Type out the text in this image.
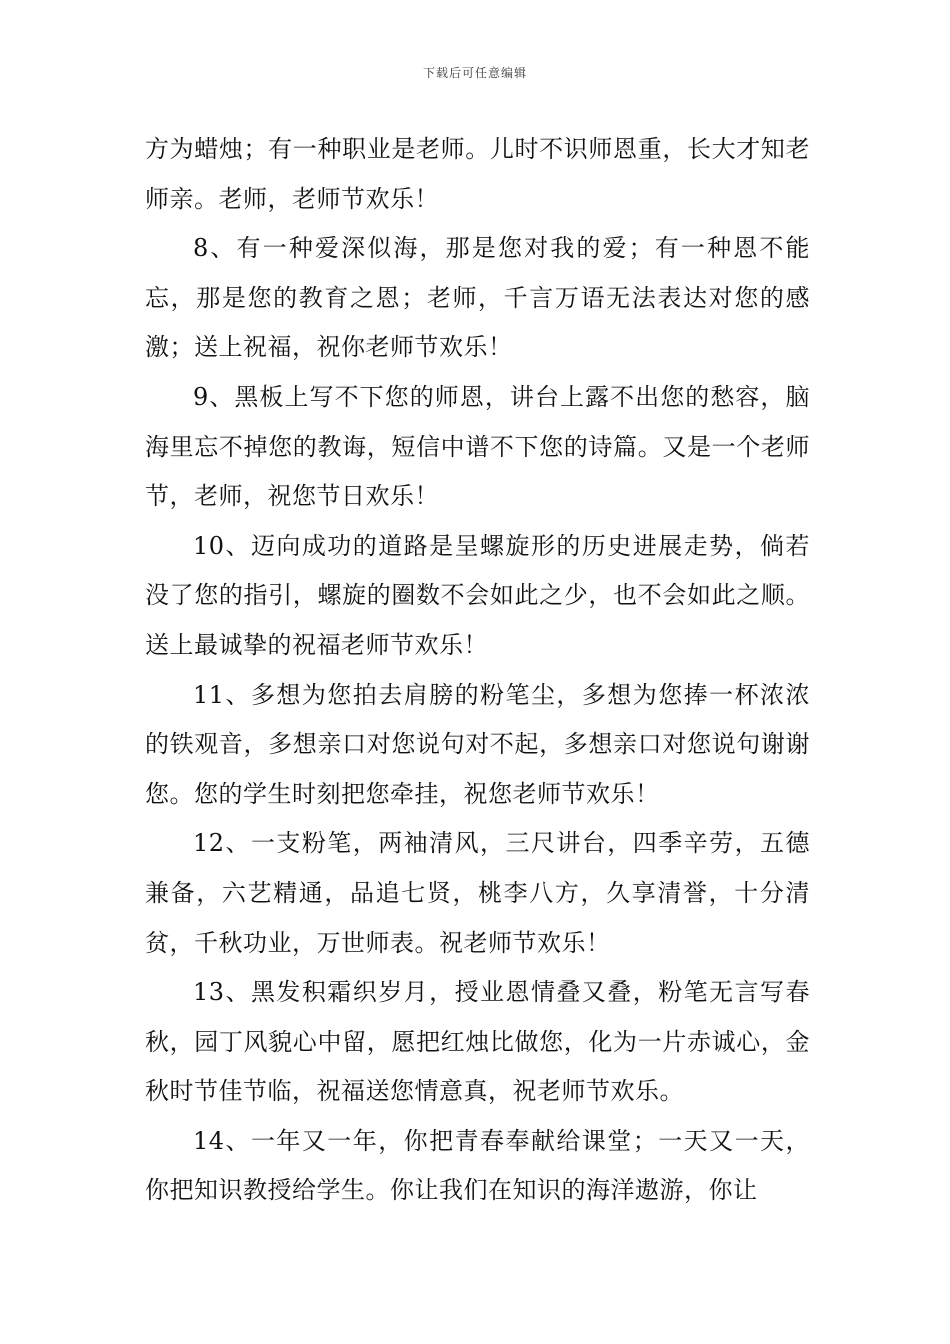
下载后可任意编辑

方为蜡烛；有一种职业是老师。儿时不识师恩重，长大才知老师亲。老师，老师节欢乐！

8、有一种爱深似海，那是您对我的爱；有一种恩不能忘，那是您的教育之恩；老师，千言万语无法表达对您的感激；送上祝福，祝你老师节欢乐！

9、黑板上写不下您的师恩，讲台上露不出您的愁容，脑海里忘不掉您的教诲，短信中谱不下您的诗篇。又是一个老师节，老师，祝您节日欢乐！

10、迈向成功的道路是呈螺旋形的历史进展走势，倘若没了您的指引，螺旋的圈数不会如此之少，也不会如此之顺。送上最诚挚的祝福老师节欢乐！

11、多想为您拍去肩膀的粉笔尘，多想为您捧一杯浓浓的铁观音，多想亲口对您说句对不起，多想亲口对您说句谢谢您。您的学生时刻把您牵挂，祝您老师节欢乐！

12、一支粉笔，两袖清风，三尺讲台，四季辛劳，五德兼备，六艺精通，品追七贤，桃李八方，久享清誉，十分清贫，千秋功业，万世师表。祝老师节欢乐！

13、黑发积霜织岁月，授业恩情叠又叠，粉笔无言写春秋，园丁风貌心中留，愿把红烛比做您，化为一片赤诚心，金秋时节佳节临，祝福送您情意真，祝老师节欢乐。

14、一年又一年，你把青春奉献给课堂；一天又一天，你把知识教授给学生。你让我们在知识的海洋遨游，你让
